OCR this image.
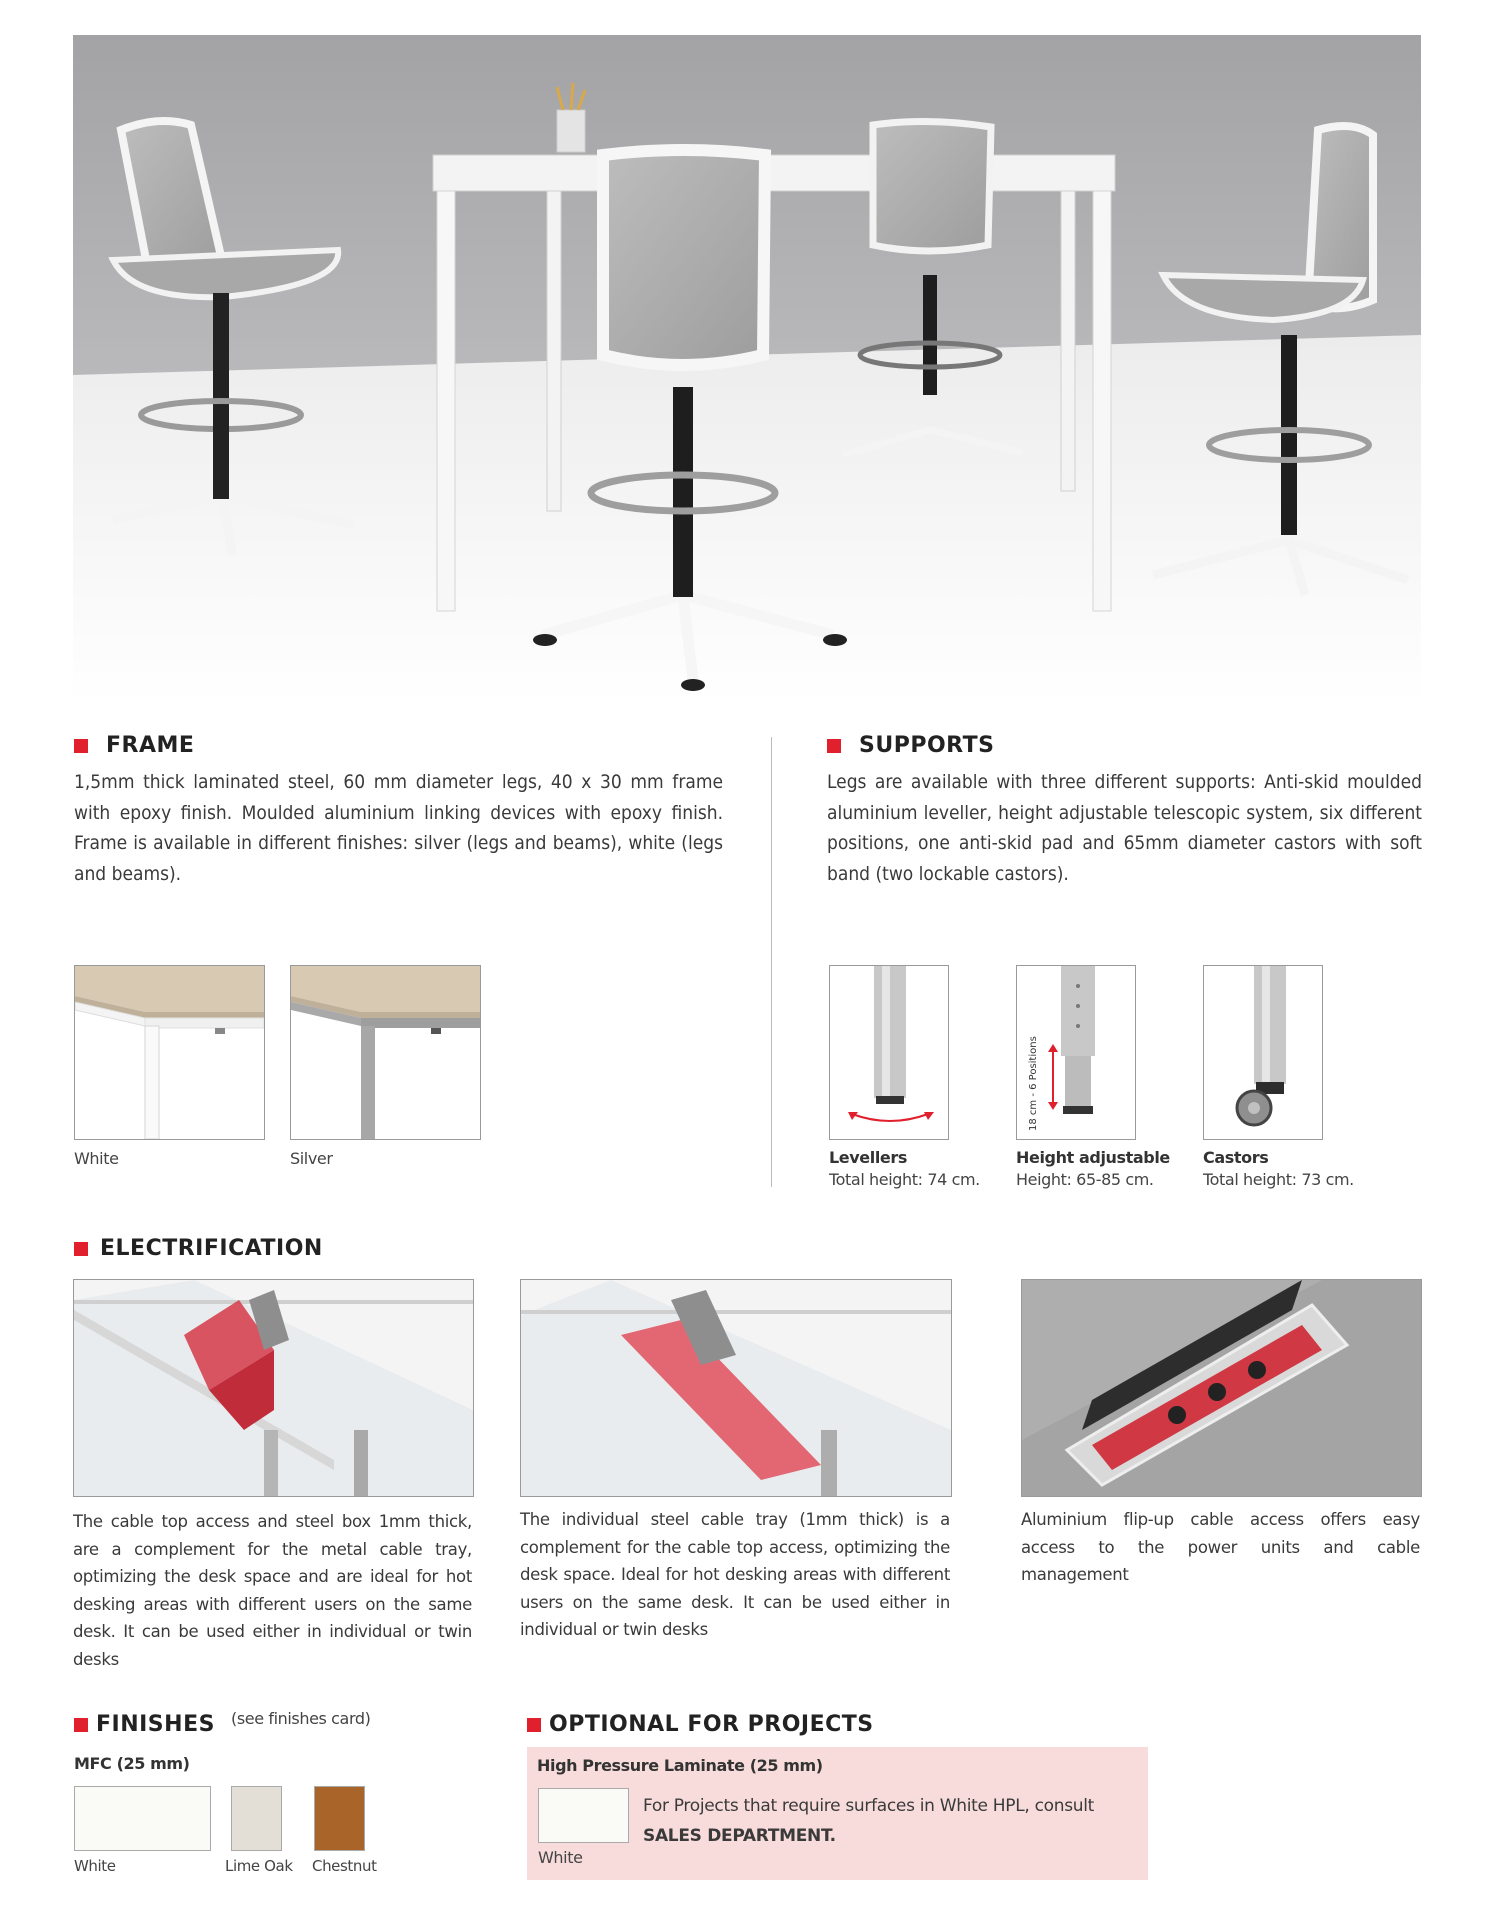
FRAME
1,5mm thick laminated steel, 60 mm diameter legs, 40 x 30 mm frame with epoxy finish. Moulded aluminium linking devices with epoxy finish. Frame is available in different finishes: silver (legs and beams), white (legs and beams).
White	Silver
SUPPORTS
Legs are available with three different supports: Anti-skid moulded aluminium leveller, height adjustable telescopic system, six different positions, one anti-skid pad and 65mm diameter castors with soft band (two lockable castors).
Levellers
Total height: 74 cm.
18 cm - 6 Positions
Height adjustable
Height: 65-85 cm.
Castors
Total height: 73 cm.
ELECTRIFICATION
The cable top access and steel box 1mm thick, are a complement for the metal cable tray, optimizing the desk space and are ideal for hot desking areas with different users on the same desk. It can be used either in individual or twin desks
The individual steel cable tray (1mm thick) is a complement for the cable top access, optimizing the desk space. Ideal for hot desking areas with different users on the same desk. It can be used either in individual or twin desks
Aluminium flip-up cable access offers easy access to the power units and cable management
FINISHES (see finishes card)
MFC (25 mm)
White	Lime Oak Chestnut
OPTIONAL FOR PROJECTS
High Pressure Laminate (25 mm)
White
For Projects that require surfaces in White HPL, consult
SALES DEPARTMENT.
